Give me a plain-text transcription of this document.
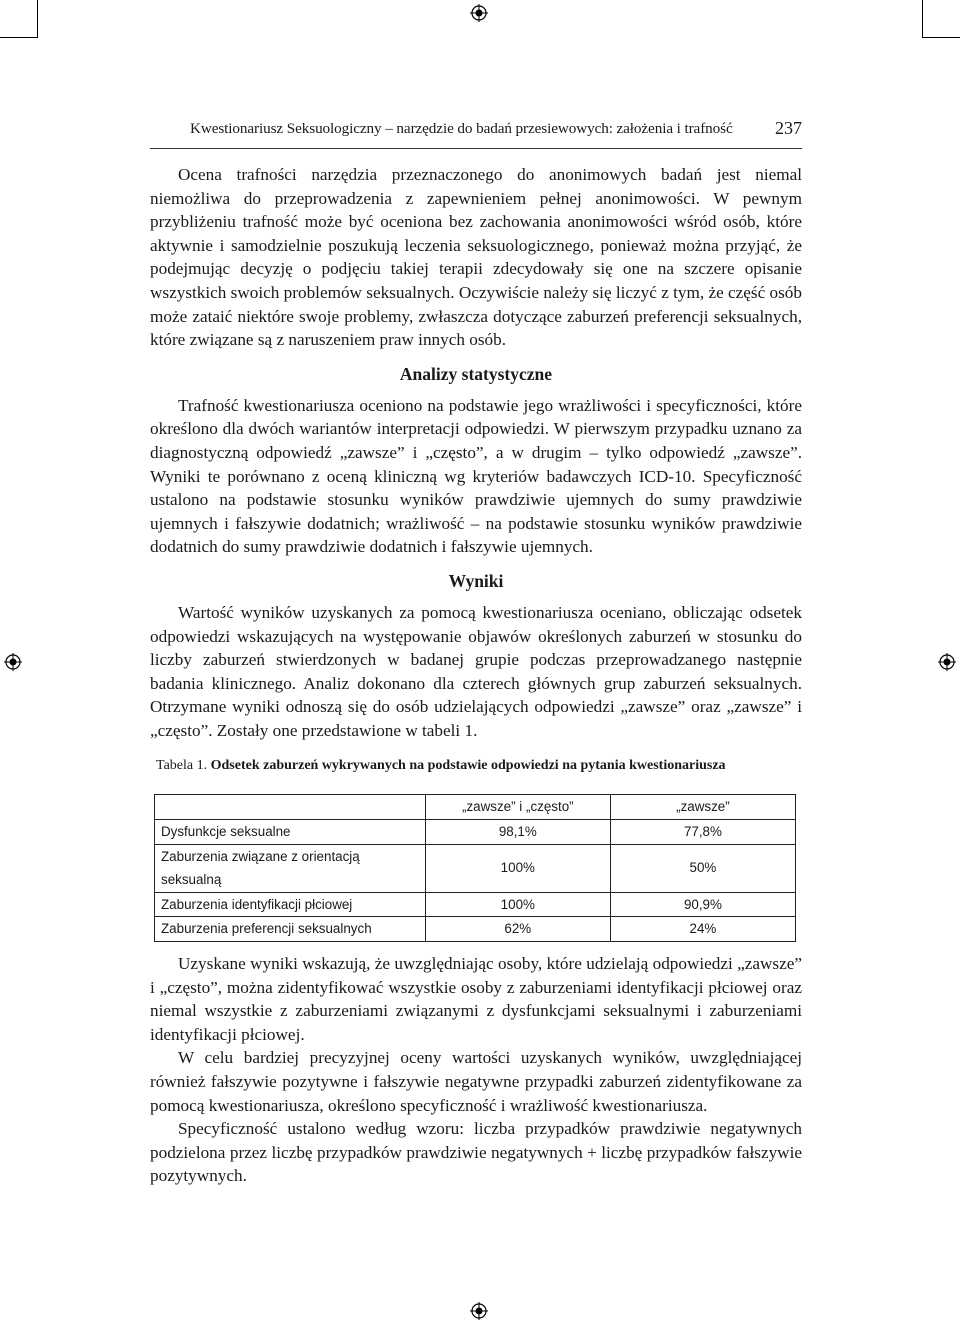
Kwestionariusz Seksuologiczny – narzędzie do badań przesiewowych: założenia i trafność 237

Ocena trafności narzędzia przeznaczonego do anonimowych badań jest niemal niemożliwa do przeprowadzenia z zapewnieniem pełnej anonimowości. W pewnym przybliżeniu trafność może być oceniona bez zachowania anonimowości wśród osób, które aktywnie i samodzielnie poszukują leczenia seksuologicznego, ponieważ można przyjąć, że podejmując decyzję o podjęciu takiej terapii zdecydowały się one na szczere opisanie wszystkich swoich problemów seksualnych. Oczywiście należy się liczyć z tym, że część osób może zataić niektóre swoje problemy, zwłaszcza dotyczące zaburzeń preferencji seksualnych, które związane są z naruszeniem praw innych osób.

Analizy statystyczne

Trafność kwestionariusza oceniono na podstawie jego wrażliwości i specyficzności, które określono dla dwóch wariantów interpretacji odpowiedzi. W pierwszym przypadku uznano za diagnostyczną odpowiedź „zawsze” i „często”, a w drugim – tylko odpowiedź „zawsze”. Wyniki te porównano z oceną kliniczną wg kryteriów badawczych ICD-10. Specyficzność ustalono na podstawie stosunku wyników prawdziwie ujemnych do sumy prawdziwie ujemnych i fałszywie dodatnich; wrażliwość – na podstawie stosunku wyników prawdziwie dodatnich do sumy prawdziwie dodatnich i fałszywie ujemnych.

Wyniki

Wartość wyników uzyskanych za pomocą kwestionariusza oceniano, obliczając odsetek odpowiedzi wskazujących na występowanie objawów określonych zaburzeń w stosunku do liczby zaburzeń stwierdzonych w badanej grupie podczas przeprowadzanego następnie badania klinicznego. Analiz dokonano dla czterech głównych grup zaburzeń seksualnych. Otrzymane wyniki odnoszą się do osób udzielających odpowiedzi „zawsze” oraz „zawsze” i „często”. Zostały one przedstawione w tabeli 1.

Tabela 1. Odsetek zaburzeń wykrywanych na podstawie odpowiedzi na pytania kwestionariusza
	„zawsze” i „często”	„zawsze”
Dysfunkcje seksualne	98,1%	77,8%
Zaburzenia związane z orientacją seksualną	100%	50%
Zaburzenia identyfikacji płciowej	100%	90,9%
Zaburzenia preferencji seksualnych	62%	24%

Uzyskane wyniki wskazują, że uwzględniając osoby, które udzielają odpowiedzi „zawsze” i „często”, można zidentyfikować wszystkie osoby z zaburzeniami identyfikacji płciowej oraz niemal wszystkie z zaburzeniami związanymi z dysfunkcjami seksualnymi i zaburzeniami identyfikacji płciowej.

W celu bardziej precyzyjnej oceny wartości uzyskanych wyników, uwzględniającej również fałszywie pozytywne i fałszywie negatywne przypadki zaburzeń zidentyfikowane za pomocą kwestionariusza, określono specyficzność i wrażliwość kwestionariusza.

Specyficzność ustalono według wzoru: liczba przypadków prawdziwie negatywnych podzielona przez liczbę przypadków prawdziwie negatywnych + liczbę przypadków fałszywie pozytywnych.
